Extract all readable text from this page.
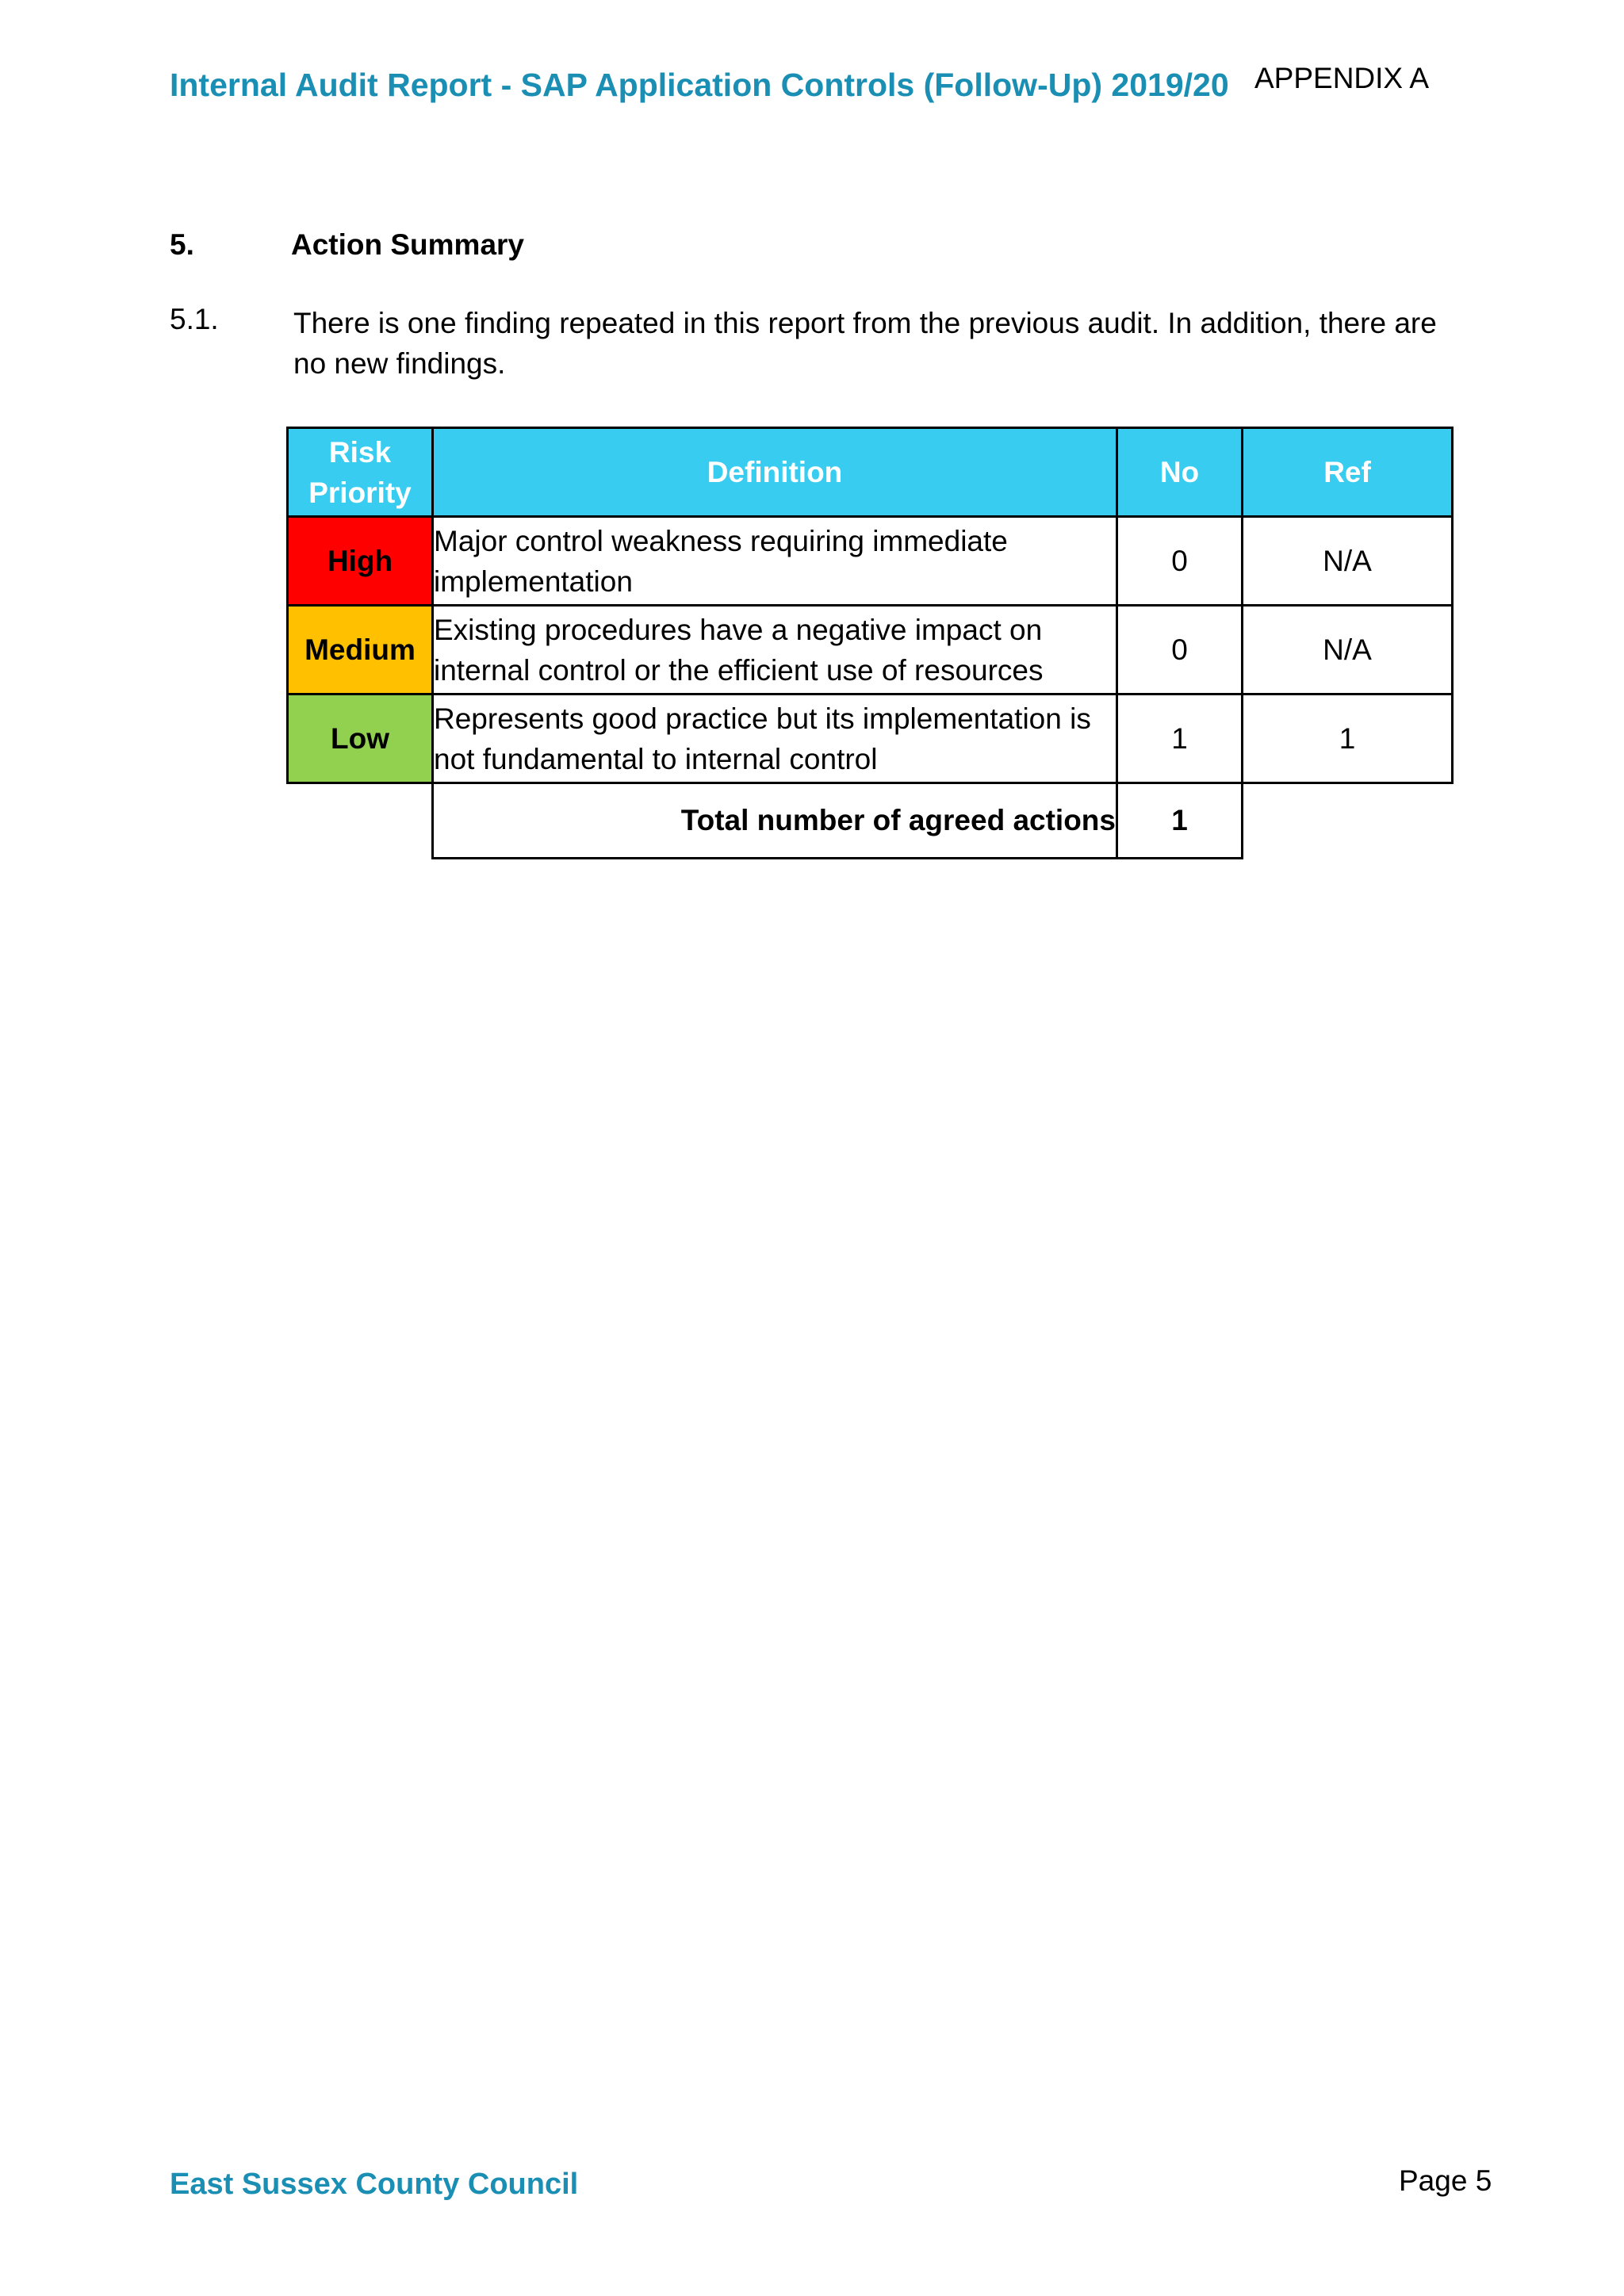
Internal Audit Report - SAP Application Controls (Follow-Up) 2019/20 APPENDIX A
5.	Action Summary
5.1.	There is one finding repeated in this report from the previous audit. In addition, there are no new findings.
Risk Priority	Definition	No	Ref
High	Major control weakness requiring immediate implementation	0	N/A
Medium	Existing procedures have a negative impact on internal control or the efficient use of resources	0	N/A
Low	Represents good practice but its implementation is not fundamental to internal control	1	1
	Total number of agreed actions	1	
East Sussex County Council	Page 5
